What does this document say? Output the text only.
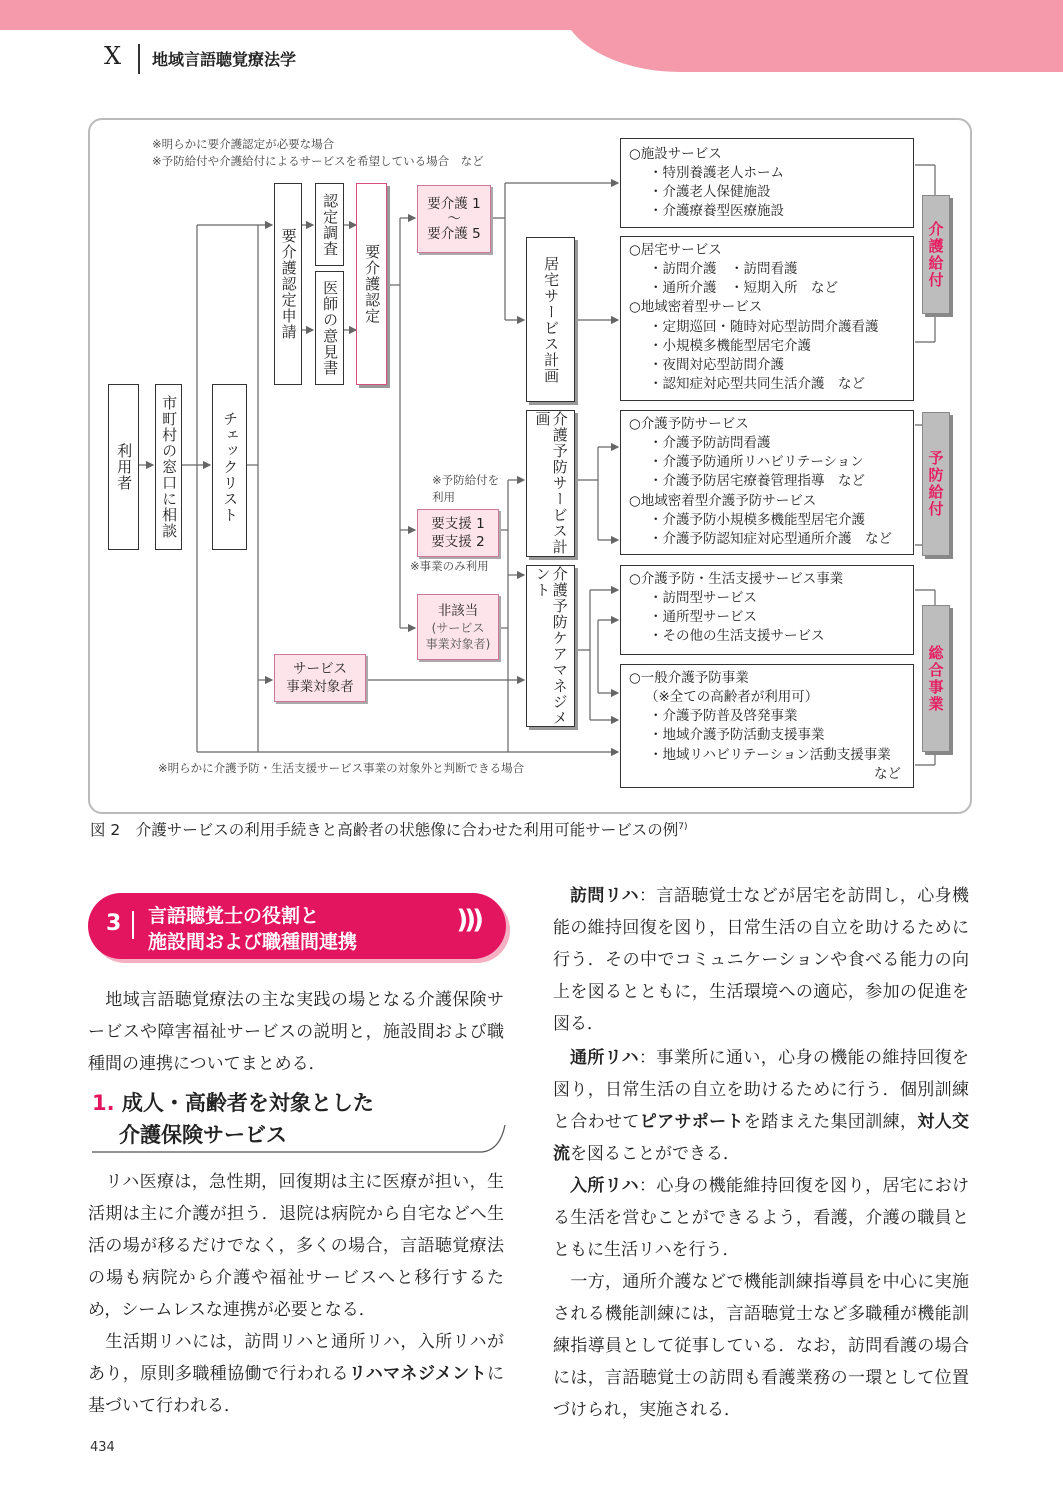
X 地域言語聴覚療法学
※明らかに要介護認定が必要な場合
※予防給付や介護給付によるサービスを希望している場合　など
利用者	市町村の窓口に相談	チェックリスト
要介護認定申請
認定調査
医師の意見書	要介護認定
要介護 1
～
要介護 5
※予防給付を
利用
要支援 1
要支援 2
※事業のみ利用
非該当
(サービス
事業対象者)
サービス
事業対象者
居宅サービス計画
介護予防サービス計画
介護予防ケアマネジメント
※明らかに介護予防・生活支援サービス事業の対象外と判断できる場合
○施設サービス
・特別養護老人ホーム
・介護老人保健施設
・介護療養型医療施設
○居宅サービス
・訪問介護　・訪問看護
・通所介護　・短期入所　など
○地域密着型サービス
・定期巡回・随時対応型訪問介護看護
・小規模多機能型居宅介護
・夜間対応型訪問介護
・認知症対応型共同生活介護　など
○介護予防サービス
・介護予防訪問看護
・介護予防通所リハビリテーション
・介護予防居宅療養管理指導　など
○地域密着型介護予防サービス
・介護予防小規模多機能型居宅介護
・介護予防認知症対応型通所介護　など
○介護予防・生活支援サービス事業
・訪問型サービス
・通所型サービス
・その他の生活支援サービス
○一般介護予防事業
（※全ての高齢者が利用可）
・介護予防普及啓発事業
・地域介護予防活動支援事業
・地域リハビリテーション活動支援事業
など
介護給付
予防給付
総合事業
図 2　介護サービスの利用手続きと高齢者の状態像に合わせた利用可能サービスの例$^{7)}$
3 言語聴覚士の役割と
施設間および職種間連携
)))
　地域言語聴覚療法の主な実践の場となる介護保険サービスや障害福祉サービスの説明と，施設間および職種間の連携についてまとめる．
1. 成人・高齢者を対象とした
介護保険サービス
　リハ医療は，急性期，回復期は主に医療が担い，生活期は主に介護が担う．退院は病院から自宅などへ生活の場が移るだけでなく，多くの場合，言語聴覚療法の場も病院から介護や福祉サービスへと移行するため，シームレスな連携が必要となる．
　生活期リハには，訪問リハと通所リハ，入所リハがあり，原則多職種協働で行われるリハマネジメントに基づいて行われる．
訪問リハ：言語聴覚士などが居宅を訪問し，心身機能の維持回復を図り，日常生活の自立を助けるために行う．その中でコミュニケーションや食べる能力の向上を図るとともに，生活環境への適応，参加の促進を図る．
通所リハ：事業所に通い，心身の機能の維持回復を図り，日常生活の自立を助けるために行う．個別訓練と合わせてピアサポートを踏まえた集団訓練，対人交流を図ることができる．
入所リハ：心身の機能維持回復を図り，居宅における生活を営むことができるよう，看護，介護の職員とともに生活リハを行う．
　一方，通所介護などで機能訓練指導員を中心に実施される機能訓練には，言語聴覚士など多職種が機能訓練指導員として従事している．なお，訪問看護の場合には，言語聴覚士の訪問も看護業務の一環として位置づけられ，実施される．
434
